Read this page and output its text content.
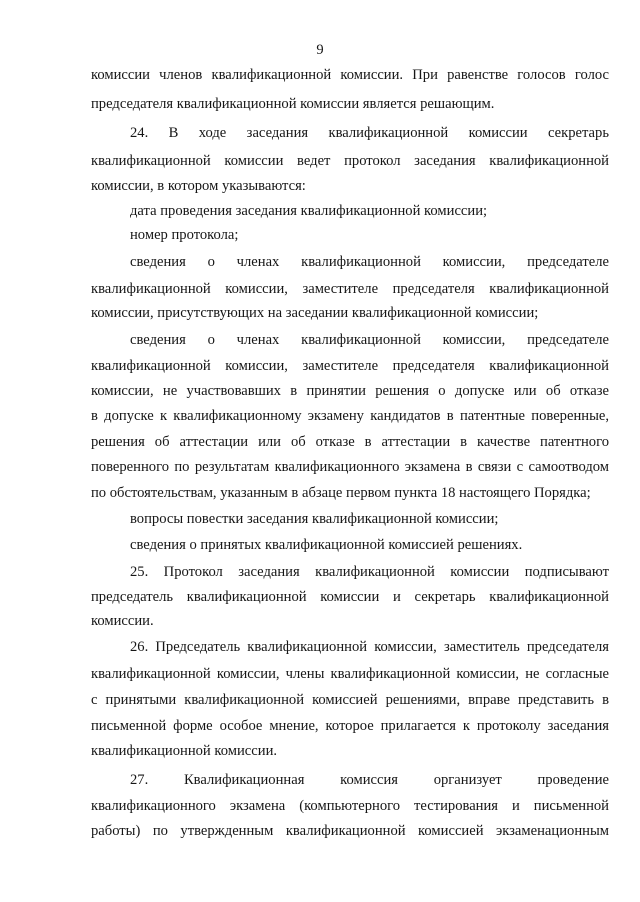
9
комиссии членов квалификационной комиссии. При равенстве голосов голос
председателя квалификационной комиссии является решающим.
24. В ходе заседания квалификационной комиссии секретарь
квалификационной комиссии ведет протокол заседания квалификационной
комиссии, в котором указываются:
дата проведения заседания квалификационной комиссии;
номер протокола;
сведения о членах квалификационной комиссии, председателе
квалификационной комиссии, заместителе председателя квалификационной
комиссии, присутствующих на заседании квалификационной комиссии;
сведения о членах квалификационной комиссии, председателе
квалификационной комиссии, заместителе председателя квалификационной
комиссии, не участвовавших в принятии решения о допуске или об отказе
в допуске к квалификационному экзамену кандидатов в патентные поверенные,
решения об аттестации или об отказе в аттестации в качестве патентного
поверенного по результатам квалификационного экзамена в связи с самоотводом
по обстоятельствам, указанным в абзаце первом пункта 18 настоящего Порядка;
вопросы повестки заседания квалификационной комиссии;
сведения о принятых квалификационной комиссией решениях.
25. Протокол заседания квалификационной комиссии подписывают
председатель квалификационной комиссии и секретарь квалификационной
комиссии.
26. Председатель квалификационной комиссии, заместитель председателя
квалификационной комиссии, члены квалификационной комиссии, не согласные
с принятыми квалификационной комиссией решениями, вправе представить в
письменной форме особое мнение, которое прилагается к протоколу заседания
квалификационной комиссии.
27. Квалификационная комиссия организует проведение
квалификационного экзамена (компьютерного тестирования и письменной
работы) по утвержденным квалификационной комиссией экзаменационным
